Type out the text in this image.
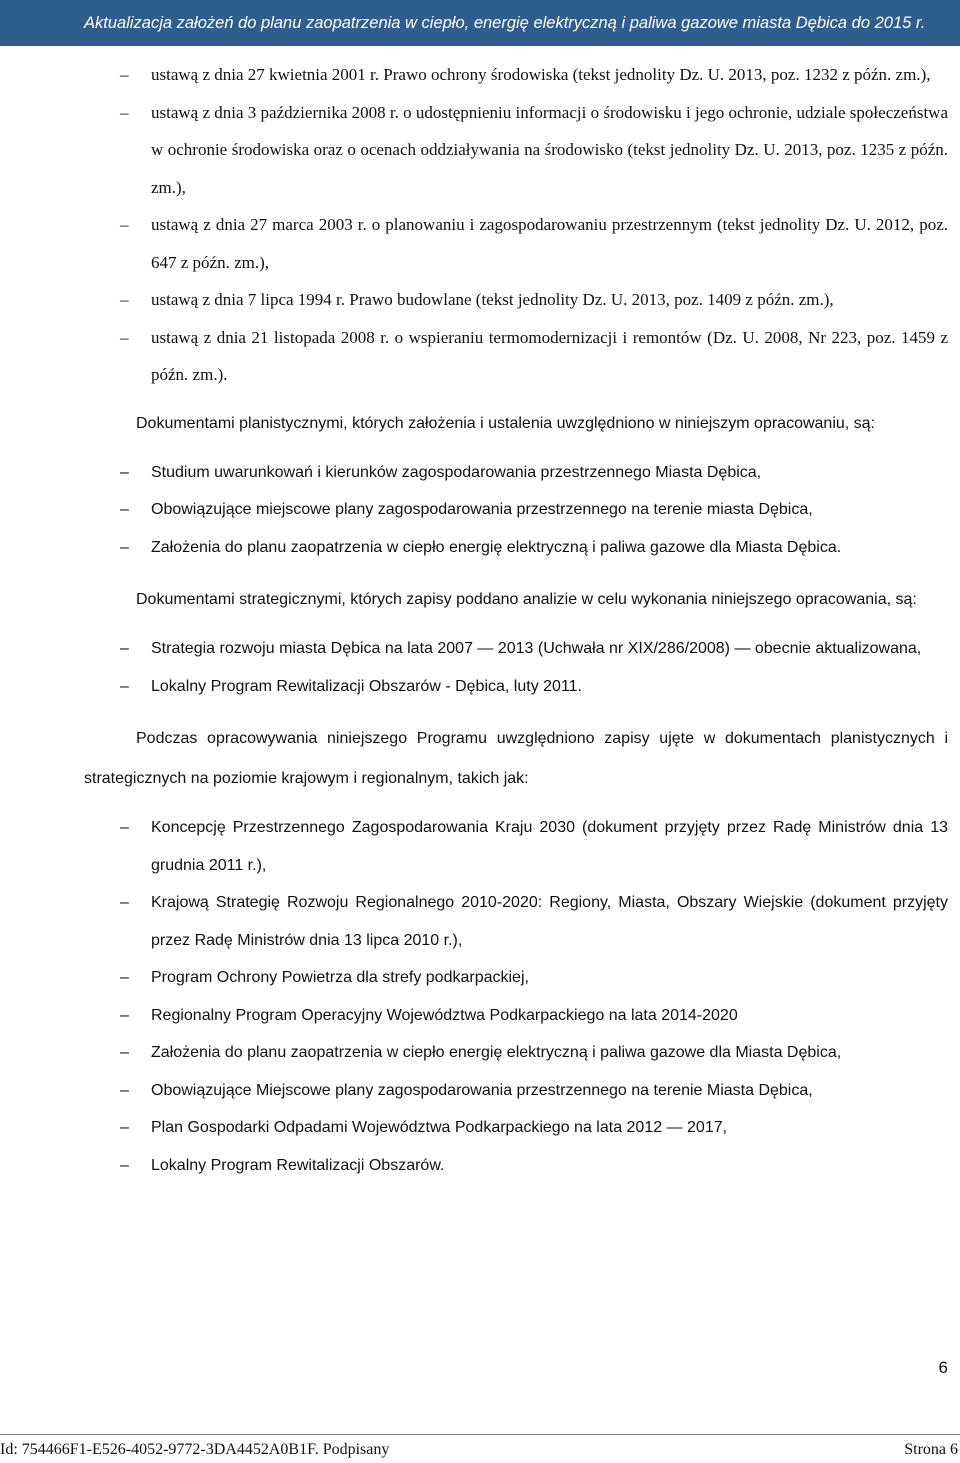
Aktualizacja założeń do planu zaopatrzenia w ciepło, energię elektryczną i paliwa gazowe miasta Dębica do 2015 r.
– ustawą z dnia 27 kwietnia 2001 r. Prawo ochrony środowiska (tekst jednolity Dz. U. 2013, poz. 1232 z późn. zm.),
– ustawą z dnia 3 października 2008 r. o udostępnieniu informacji o środowisku i jego ochronie, udziale społeczeństwa w ochronie środowiska oraz o ocenach oddziaływania na środowisko (tekst jednolity Dz. U. 2013, poz. 1235 z późn. zm.),
– ustawą z dnia 27 marca 2003 r. o planowaniu i zagospodarowaniu przestrzennym (tekst jednolity Dz. U. 2012, poz. 647 z późn. zm.),
– ustawą z dnia 7 lipca 1994 r. Prawo budowlane (tekst jednolity Dz. U. 2013, poz. 1409 z późn. zm.),
– ustawą z dnia 21 listopada 2008 r. o wspieraniu termomodernizacji i remontów (Dz. U. 2008, Nr 223, poz. 1459 z późn. zm.).

Dokumentami planistycznymi, których założenia i ustalenia uwzględniono w niniejszym opracowaniu, są:

– Studium uwarunkowań i kierunków zagospodarowania przestrzennego Miasta Dębica,
– Obowiązujące miejscowe plany zagospodarowania przestrzennego na terenie miasta Dębica,
– Założenia do planu zaopatrzenia w ciepło energię elektryczną i paliwa gazowe dla Miasta Dębica.

Dokumentami strategicznymi, których zapisy poddano analizie w celu wykonania niniejszego opracowania, są:

– Strategia rozwoju miasta Dębica na lata 2007 — 2013 (Uchwała nr XIX/286/2008) — obecnie aktualizowana,
– Lokalny Program Rewitalizacji Obszarów - Dębica, luty 2011.

Podczas opracowywania niniejszego Programu uwzględniono zapisy ujęte w dokumentach planistycznych i strategicznych na poziomie krajowym i regionalnym, takich jak:

– Koncepcję Przestrzennego Zagospodarowania Kraju 2030 (dokument przyjęty przez Radę Ministrów dnia 13 grudnia 2011 r.),
– Krajową Strategię Rozwoju Regionalnego 2010-2020: Regiony, Miasta, Obszary Wiejskie (dokument przyjęty przez Radę Ministrów dnia 13 lipca 2010 r.),
– Program Ochrony Powietrza dla strefy podkarpackiej,
– Regionalny Program Operacyjny Województwa Podkarpackiego na lata 2014-2020
– Założenia do planu zaopatrzenia w ciepło energię elektryczną i paliwa gazowe dla Miasta Dębica,
– Obowiązujące Miejscowe plany zagospodarowania przestrzennego na terenie Miasta Dębica,
– Plan Gospodarki Odpadami Województwa Podkarpackiego na lata 2012 — 2017,
– Lokalny Program Rewitalizacji Obszarów.
6
Id: 754466F1-E526-4052-9772-3DA4452A0B1F. Podpisany	Strona 6
